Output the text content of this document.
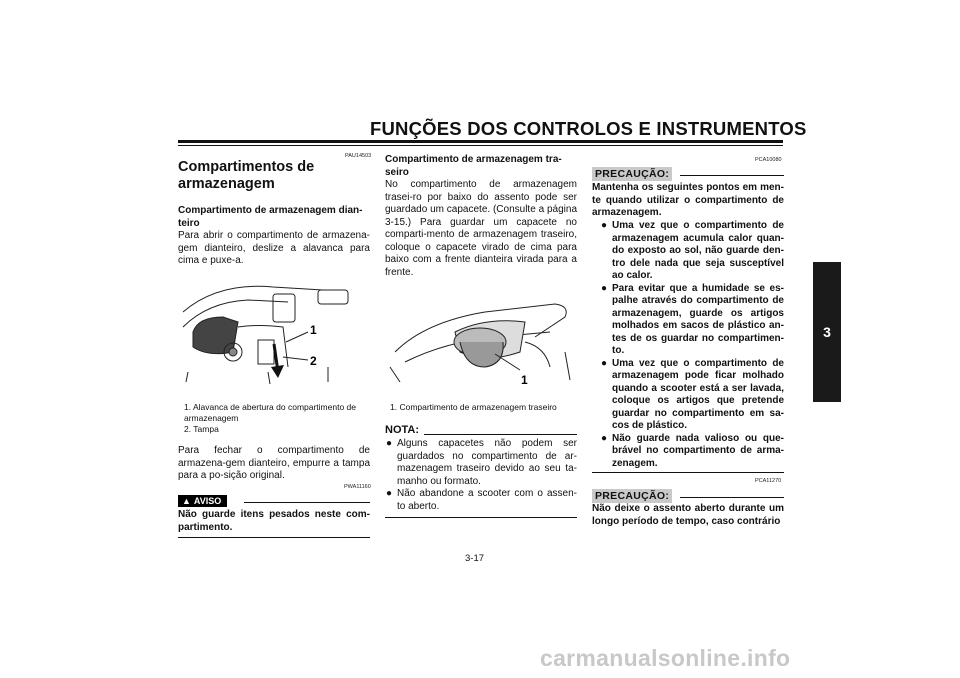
FUNÇÕES DOS CONTROLOS E INSTRUMENTOS
3
PAU14503
Compartimentos de armazenagem
Compartimento de armazenagem dian-teiro
Para abrir o compartimento de armazena-gem dianteiro, deslize a alavanca para cima e puxe-a.
1
2
1. Alavanca de abertura do compartimento de armazenagem
2. Tampa
Para fechar o compartimento de armazena-gem dianteiro, empurre a tampa para a po-sição original.
▲ AVISO
PWA11160
Não guarde itens pesados neste com-partimento.
Compartimento de armazenagem tra-seiro
No compartimento de armazenagem trasei-ro por baixo do assento pode ser guardado um capacete. (Consulte a página 3-15.) Para guardar um capacete no comparti-mento de armazenagem traseiro, coloque o capacete virado de cima para baixo com a frente dianteira virada para a frente.
1
1. Compartimento de armazenagem traseiro
NOTA:
● Alguns capacetes não podem ser guardados no compartimento de ar-mazenagem traseiro devido ao seu ta-manho ou formato.
● Não abandone a scooter com o assen-to aberto.
PCA10080
PRECAUÇÃO:
Mantenha os seguintes pontos em men-te quando utilizar o compartimento de armazenagem.
● Uma vez que o compartimento de armazenagem acumula calor quan-do exposto ao sol, não guarde den-tro dele nada que seja susceptível ao calor.
● Para evitar que a humidade se es-palhe através do compartimento de armazenagem, guarde os artigos molhados em sacos de plástico an-tes de os guardar no compartimen-to.
● Uma vez que o compartimento de armazenagem pode ficar molhado quando a scooter está a ser lavada, coloque os artigos que pretende guardar no compartimento em sa-cos de plástico.
● Não guarde nada valioso ou que-brável no compartimento de arma-zenagem.
PCA11270
PRECAUÇÃO:
Não deixe o assento aberto durante um longo período de tempo, caso contrário
3-17
carmanualsonline.info
